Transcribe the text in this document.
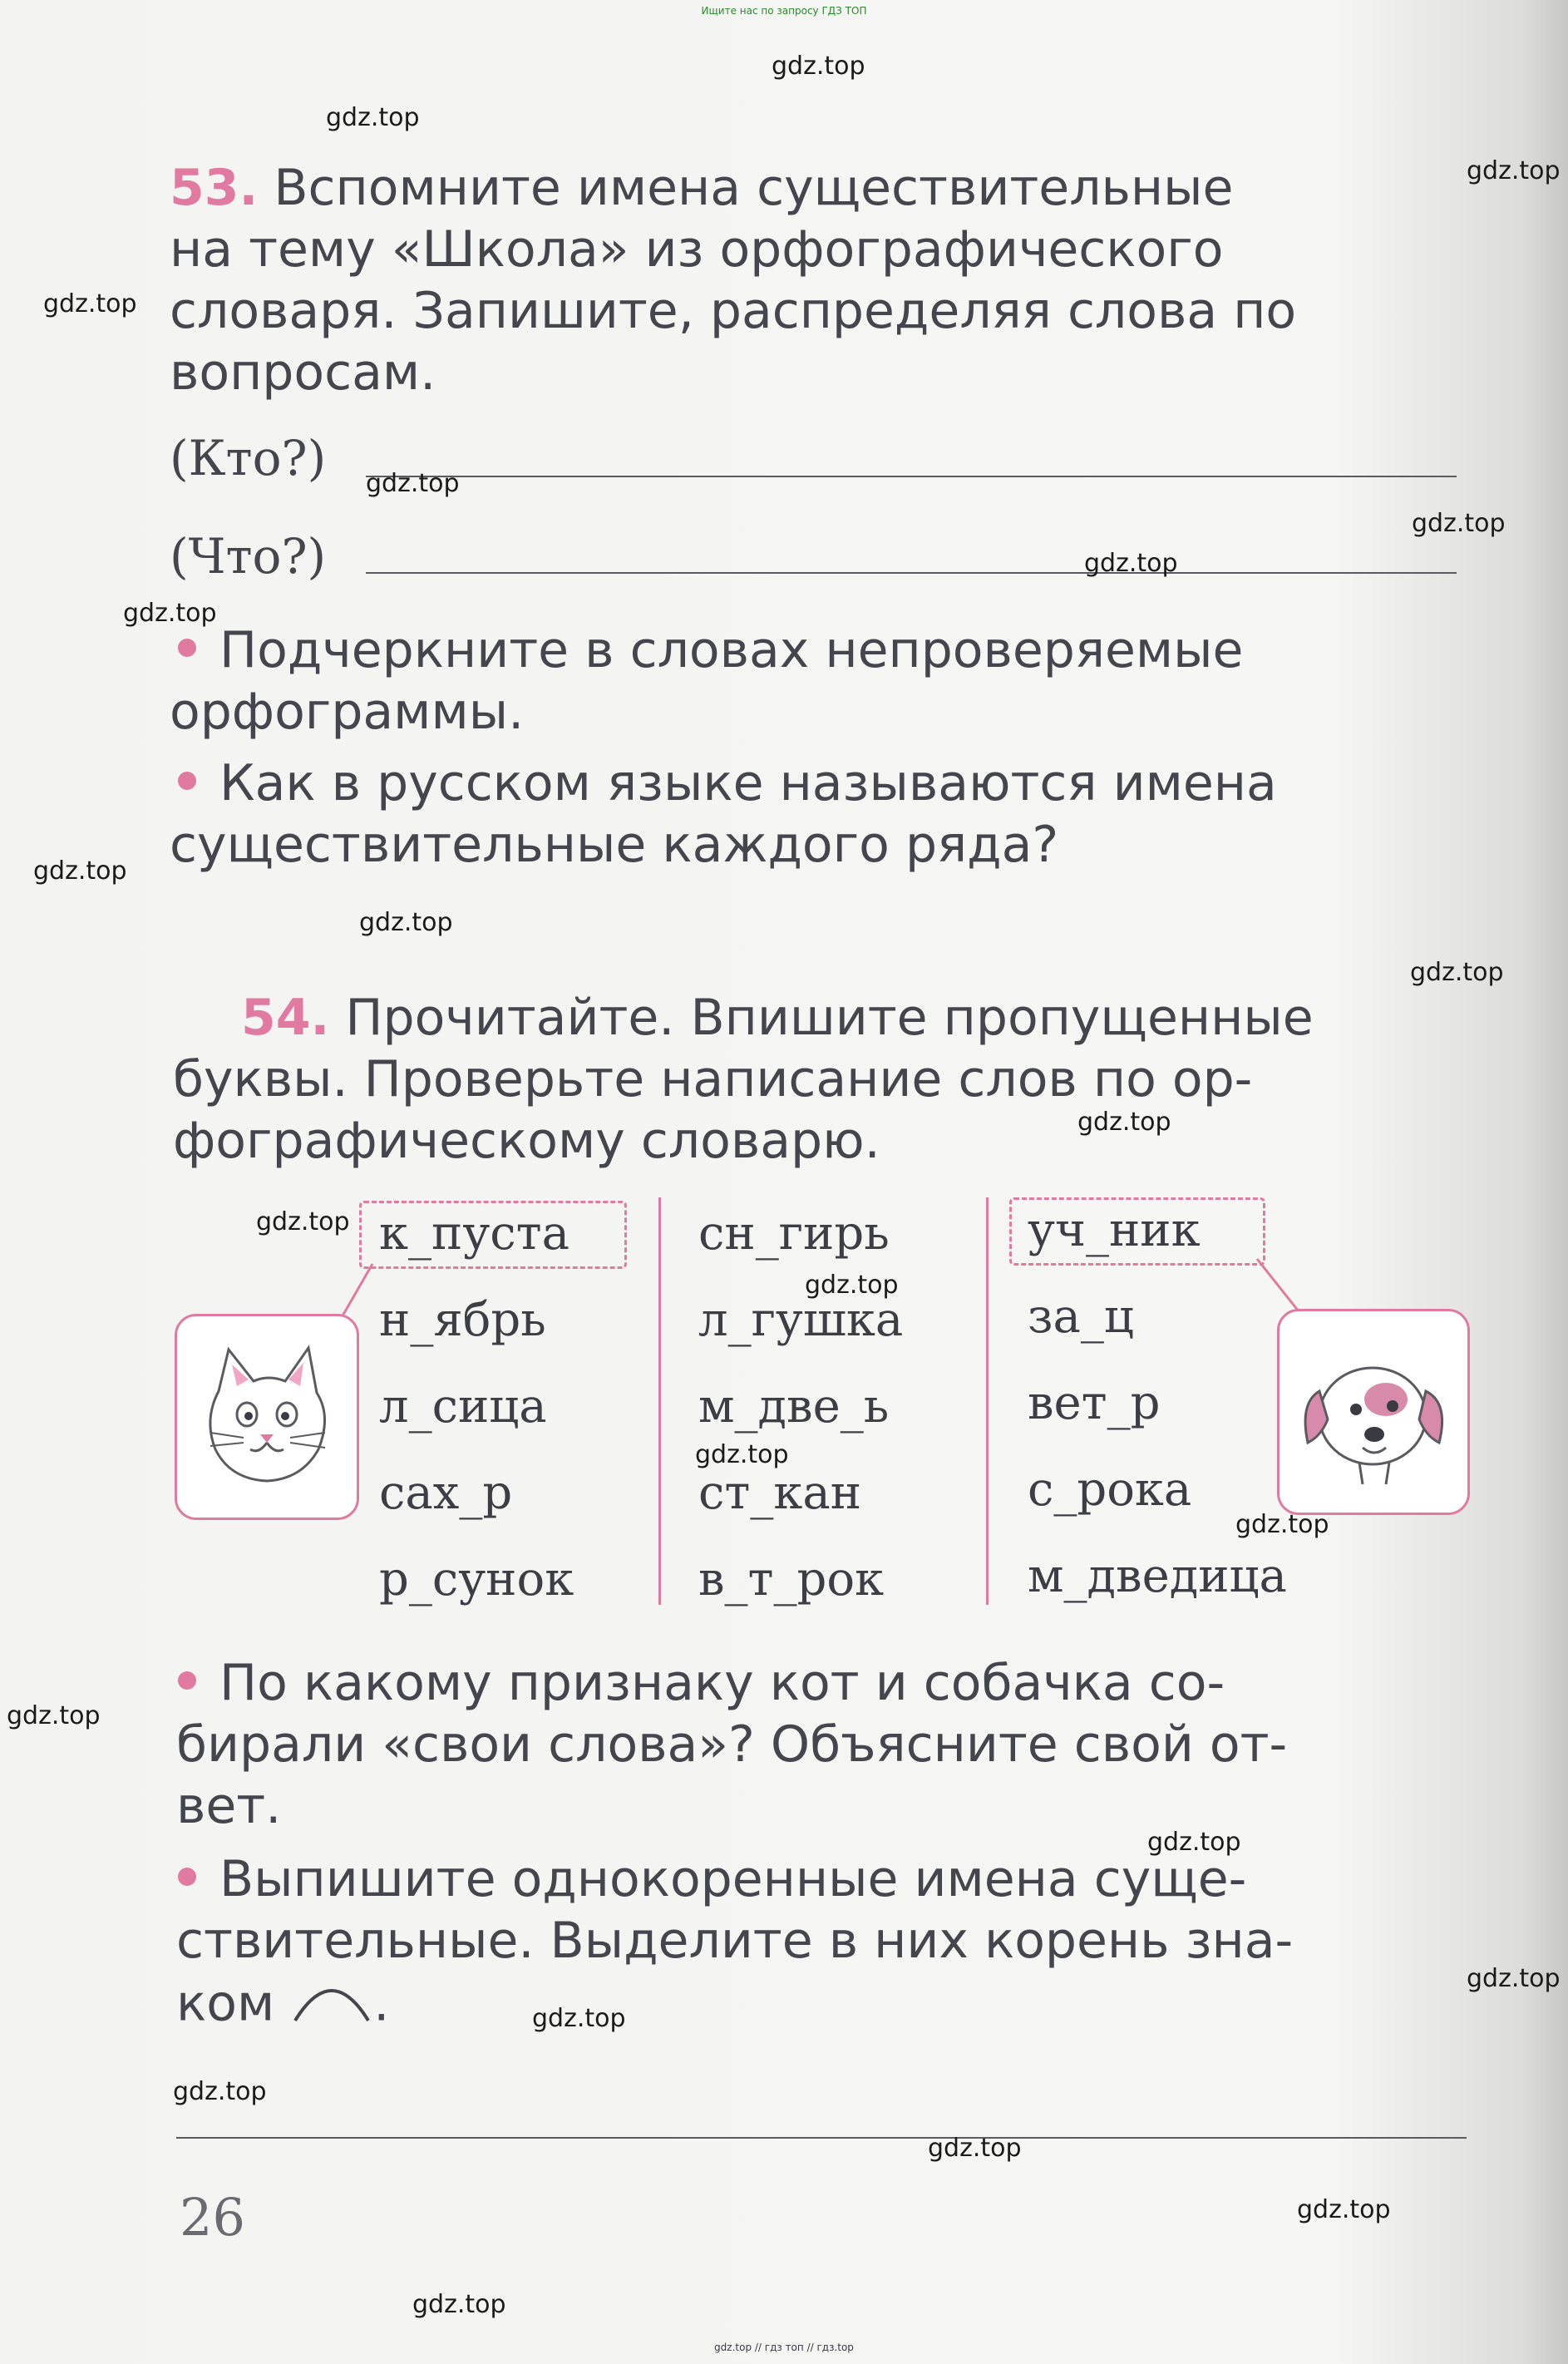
Ищите нас по запросу ГДЗ ТОП
53. Вспомните имена существительные
на тему «Школа» из орфографического
словаря. Запишите, распределяя слова по
вопросам.
(Кто?)
(Что?)
Подчеркните в словах непроверяемые
орфограммы.
Как в русском языке называются имена
существительные каждого ряда?
54. Прочитайте. Впишите пропущенные
буквы. Проверьте написание слов по ор-
фографическому словарю.
к_пуста
н_ябрь
л_сица
сах_р
р_сунок
сн_гирь
л_гушка
м_две_ь
ст_кан
в_т_рок
уч_ник
за_ц
вет_р
с_рока
м_дведица
По какому признаку кот и собачка со-
бирали «свои слова»? Объясните свой от-
вет.
Выпишите однокоренные имена суще-
ствительные. Выделите в них корень зна-
ком .
26
gdz.top
gdz.top
gdz.top
gdz.top
gdz.top
gdz.top
gdz.top
gdz.top
gdz.top
gdz.top
gdz.top
gdz.top
gdz.top
gdz.top
gdz.top
gdz.top
gdz.top
gdz.top
gdz.top
gdz.top
gdz.top
gdz.top
gdz.top
gdz.top
gdz.top // гдз топ // гдз.top
